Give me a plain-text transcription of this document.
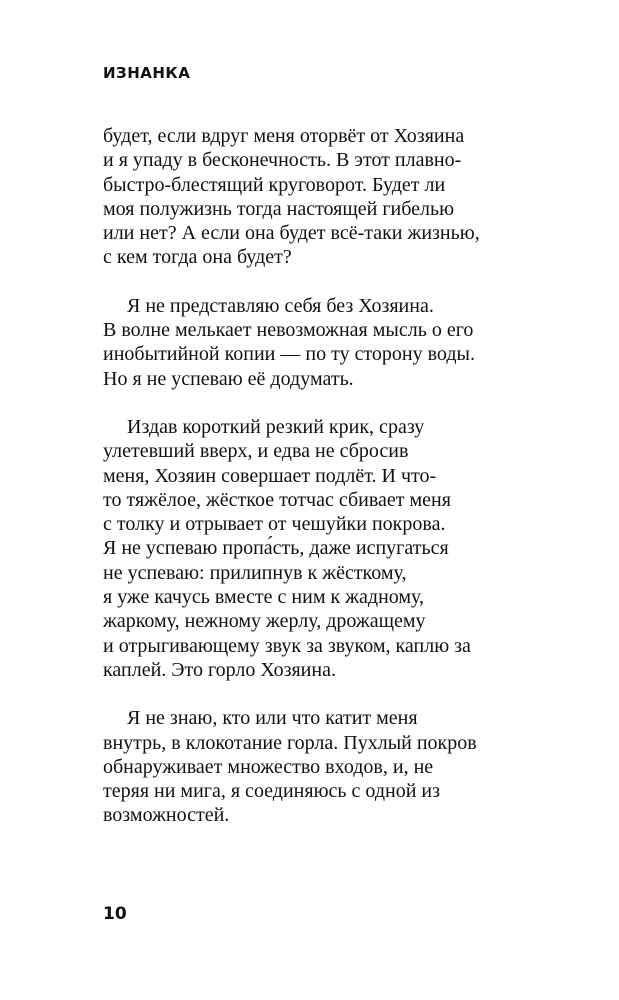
ИЗНАНКА
будет, если вдруг меня оторвёт от Хозяина
и я упаду в бесконечность. В этот плавно-
быстро-блестящий круговорот. Будет ли
моя полужизнь тогда настоящей гибелью
или нет? А если она будет всё-таки жизнью,
с кем тогда она будет?
Я не представляю себя без Хозяина.
В волне мелькает невозможная мысль о его
инобытийной копии — по ту сторону воды.
Но я не успеваю её додумать.
Издав короткий резкий крик, сразу
улетевший вверх, и едва не сбросив
меня, Хозяин совершает подлёт. И что-
то тяжёлое, жёсткое тотчас сбивает меня
с толку и отрывает от чешуйки покрова.
Я не успеваю пропа́сть, даже испугаться
не успеваю: прилипнув к жёсткому,
я уже качусь вместе с ним к жадному,
жаркому, нежному жерлу, дрожащему
и отрыгивающему звук за звуком, каплю за
каплей. Это горло Хозяина.
Я не знаю, кто или что катит меня
внутрь, в клокотание горла. Пухлый покров
обнаруживает множество входов, и, не
теряя ни мига, я соединяюсь с одной из
возможностей.
10
